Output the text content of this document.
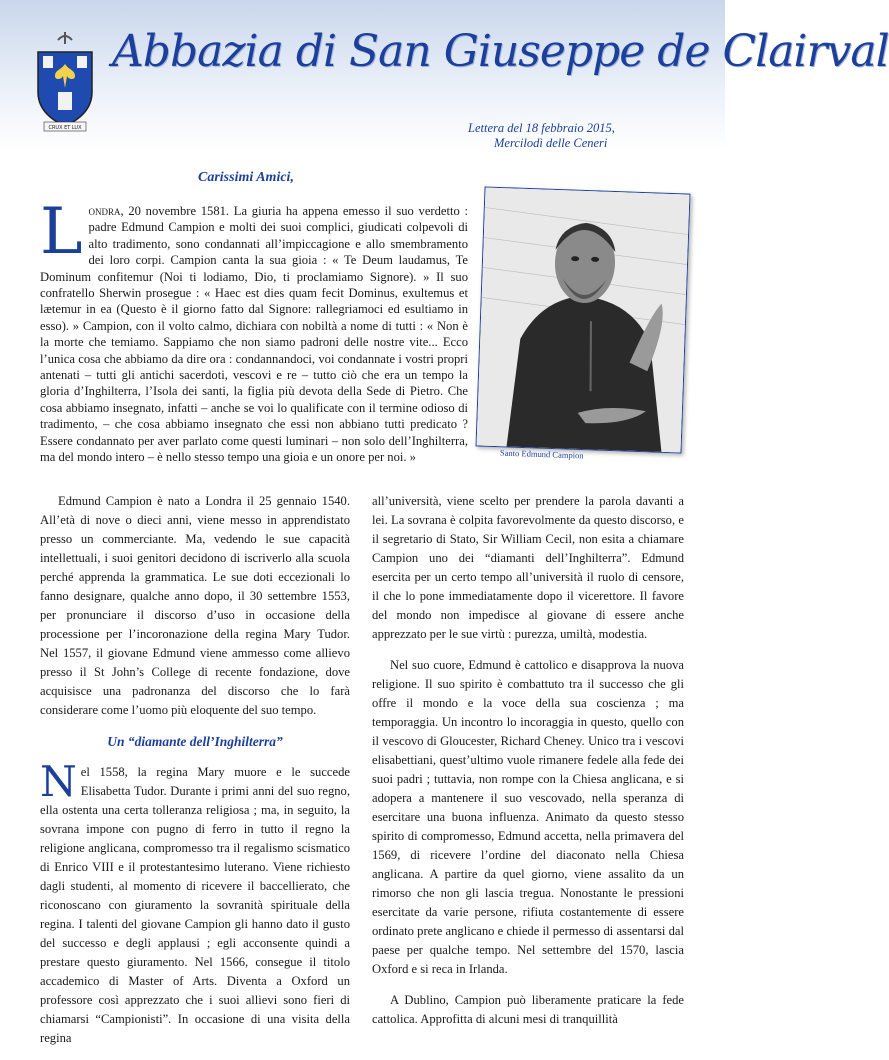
CRUX ET LUX
Abbazia di San Giuseppe de Clairval
Lettera del 18 febbraio 2015,
Mercilodì delle Ceneri
Carissimi Amici,
Londra, 20 novembre 1581. La giuria ha appena emesso il suo verdetto : padre Edmund Campion e molti dei suoi complici, giudicati colpevoli di alto tradimento, sono condannati all’impiccagione e allo smembramento dei loro corpi. Campion canta la sua gioia : « Te Deum laudamus, Te Dominum confitemur (Noi ti lodiamo, Dio, ti proclamiamo Signore). » Il suo confratello Sherwin prosegue : « Haec est dies quam fecit Dominus, exultemus et lætemur in ea (Questo è il giorno fatto dal Signore: rallegriamoci ed esultiamo in esso). » Campion, con il volto calmo, dichiara con nobiltà a nome di tutti : « Non è la morte che temiamo. Sappiamo che non siamo padroni delle nostre vite... Ecco l’unica cosa che abbiamo da dire ora : condannandoci, voi condannate i vostri propri antenati – tutti gli antichi sacerdoti, vescovi e re – tutto ciò che era un tempo la gloria d’Inghilterra, l’Isola dei santi, la figlia più devota della Sede di Pietro. Che cosa abbiamo insegnato, infatti – anche se voi lo qualificate con il termine odioso di tradimento, – che cosa abbiamo insegnato che essi non abbiano tutti predicato ? Essere condannato per aver parlato come questi luminari – non solo dell’Inghilterra, ma del mondo intero – è nello stesso tempo una gioia e un onore per noi. »	Santo Edmund Campion

Edmund Campion è nato a Londra il 25 gennaio 1540. All’età di nove o dieci anni, viene messo in apprendistato presso un commerciante. Ma, vedendo le sue capacità intellettuali, i suoi genitori decidono di iscriverlo alla scuola perché apprenda la grammatica. Le sue doti eccezionali lo fanno designare, qualche anno dopo, il 30 settembre 1553, per pronunciare il discorso d’uso in occasione della processione per l’incoronazione della regina Mary Tudor. Nel 1557, il giovane Edmund viene ammesso come allievo presso il St John’s College di recente fondazione, dove acquisisce una padronanza del discorso che lo farà considerare come l’uomo più eloquente del suo tempo.

Un “diamante dell’Inghilterra”

Nel 1558, la regina Mary muore e le succede Elisabetta Tudor. Durante i primi anni del suo regno, ella ostenta una certa tolleranza religiosa ; ma, in seguito, la sovrana impone con pugno di ferro in tutto il regno la religione anglicana, compromesso tra il regalismo scismatico di Enrico VIII e il protestantesimo luterano. Viene richiesto dagli studenti, al momento di ricevere il baccellierato, che riconoscano con giuramento la sovranità spirituale della regina. I talenti del giovane Campion gli hanno dato il gusto del successo e degli applausi ; egli acconsente quindi a prestare questo giuramento. Nel 1566, consegue il titolo accademico di Master of Arts. Diventa a Oxford un professore così apprezzato che i suoi allievi sono fieri di chiamarsi “Campionisti”. In occasione di una visita della regina

all’università, viene scelto per prendere la parola davanti a lei. La sovrana è colpita favorevolmente da questo discorso, e il segretario di Stato, Sir William Cecil, non esita a chiamare Campion uno dei “diamanti dell’Inghilterra”. Edmund esercita per un certo tempo all’università il ruolo di censore, il che lo pone immediatamente dopo il vicerettore. Il favore del mondo non impedisce al giovane di essere anche apprezzato per le sue virtù : purezza, umiltà, modestia.

Nel suo cuore, Edmund è cattolico e disapprova la nuova religione. Il suo spirito è combattuto tra il successo che gli offre il mondo e la voce della sua coscienza ; ma temporaggia. Un incontro lo incoraggia in questo, quello con il vescovo di Gloucester, Richard Cheney. Unico tra i vescovi elisabettiani, quest’ultimo vuole rimanere fedele alla fede dei suoi padri ; tuttavia, non rompe con la Chiesa anglicana, e si adopera a mantenere il suo vescovado, nella speranza di esercitare una buona influenza. Animato da questo stesso spirito di compromesso, Edmund accetta, nella primavera del 1569, di ricevere l’ordine del diaconato nella Chiesa anglicana. A partire da quel giorno, viene assalito da un rimorso che non gli lascia tregua. Nonostante le pressioni esercitate da varie persone, rifiuta costantemente di essere ordinato prete anglicano e chiede il permesso di assentarsi dal paese per qualche tempo. Nel settembre del 1570, lascia Oxford e si reca in Irlanda.

A Dublino, Campion può liberamente praticare la fede cattolica. Approfitta di alcuni mesi di tranquillità
